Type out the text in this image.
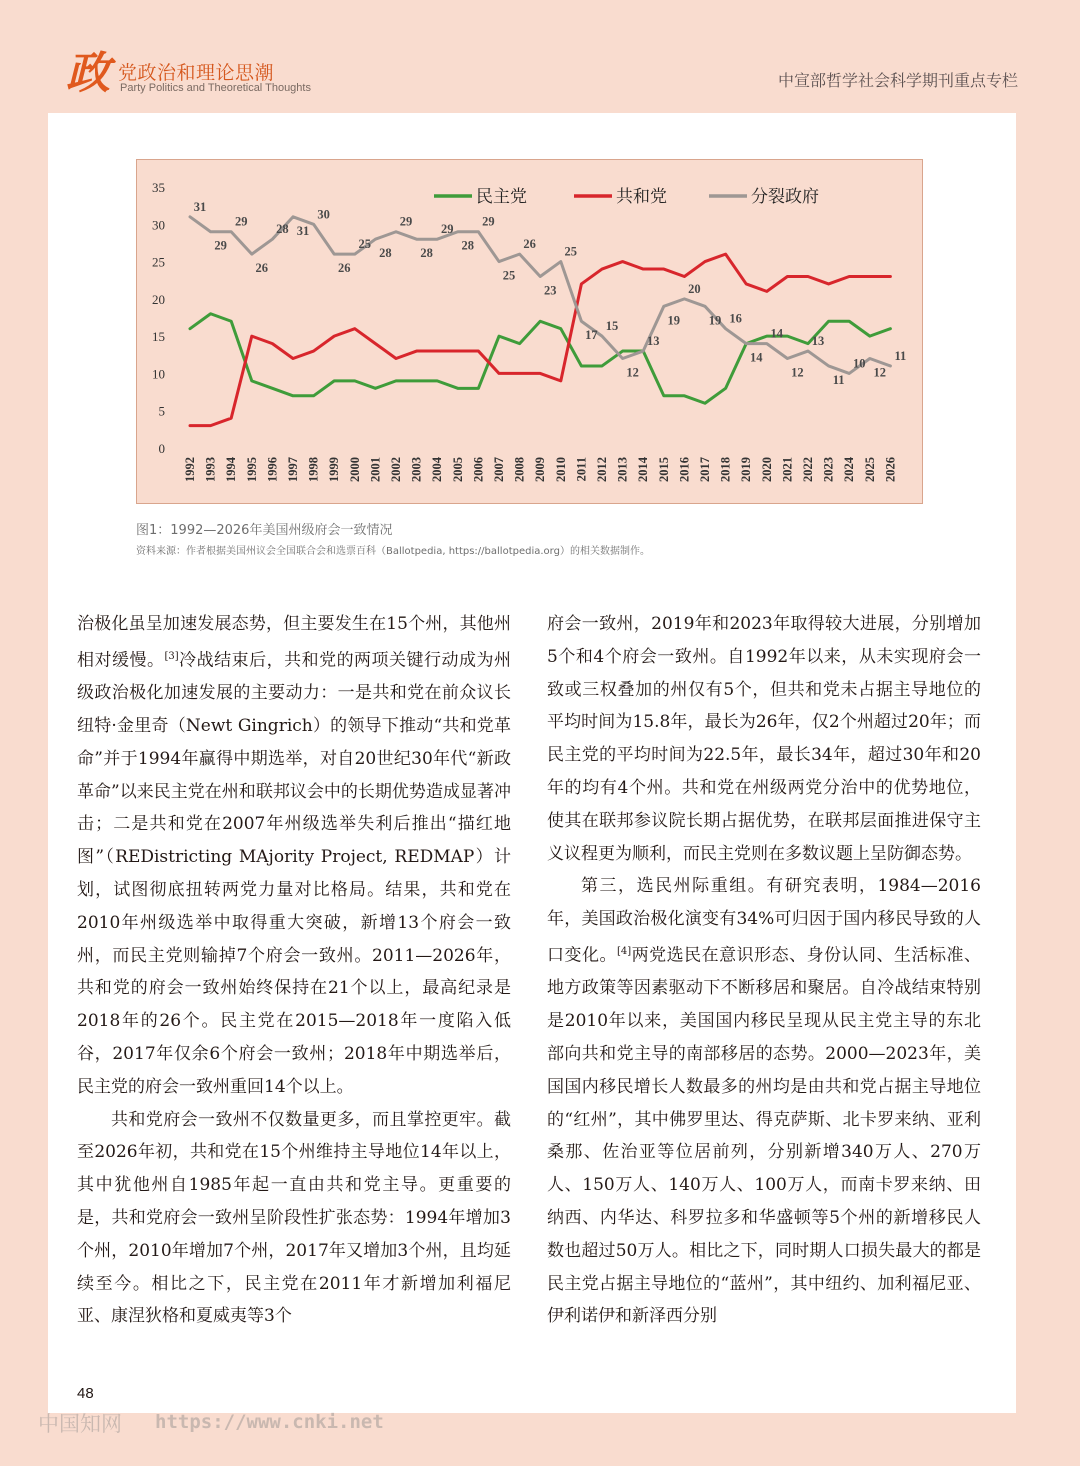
政 党政治和理论思潮
Party Politics and Theoretical Thoughts	中宣部哲学社会科学期刊重点专栏
0
5
10
15
20
25
30
35
1992 1993 1994 1995 1996 1997 1998 1999 2000 2001 2002 2003 2004 2005 2006 2007 2008 2009 2010 2011 2012 2013 2014 2015 2016 2017 2018 2019 2020 2021 2022 2023 2024 2025 2026
民主党	共和党	分裂政府
31
29
29
26
28 31
30
26
25
28
29
28
29
28
29
25
26
23
25
17
15
12
13
19
20
19 16
14
14
12
13
11
10
12
11
图1：1992—2026年美国州级府会一致情况
资料来源：作者根据美国州议会全国联合会和选票百科（Ballotpedia, https://ballotpedia.org）的相关数据制作。

治极化虽呈加速发展态势，但主要发生在15个州，其他州相对缓慢。[3]冷战结束后，共和党的两项关键行动成为州级政治极化加速发展的主要动力：一是共和党在前众议长纽特·金里奇（Newt Gingrich）的领导下推动“共和党革命”并于1994年赢得中期选举，对自20世纪30年代“新政革命”以来民主党在州和联邦议会中的长期优势造成显著冲击；二是共和党在2007年州级选举失利后推出“描红地图”（REDistricting MAjority Project, REDMAP）计划，试图彻底扭转两党力量对比格局。结果，共和党在2010年州级选举中取得重大突破，新增13个府会一致州，而民主党则输掉7个府会一致州。2011—2026年，共和党的府会一致州始终保持在21个以上，最高纪录是2018年的26个。民主党在2015—2018年一度陷入低谷，2017年仅余6个府会一致州；2018年中期选举后，民主党的府会一致州重回14个以上。

共和党府会一致州不仅数量更多，而且掌控更牢。截至2026年初，共和党在15个州维持主导地位14年以上，其中犹他州自1985年起一直由共和党主导。更重要的是，共和党府会一致州呈阶段性扩张态势：1994年增加3个州，2010年增加7个州，2017年又增加3个州，且均延续至今。相比之下，民主党在2011年才新增加利福尼亚、康涅狄格和夏威夷等3个

府会一致州，2019年和2023年取得较大进展，分别增加5个和4个府会一致州。自1992年以来，从未实现府会一致或三权叠加的州仅有5个，但共和党未占据主导地位的平均时间为15.8年，最长为26年，仅2个州超过20年；而民主党的平均时间为22.5年，最长34年，超过30年和20年的均有4个州。共和党在州级两党分治中的优势地位，使其在联邦参议院长期占据优势，在联邦层面推进保守主义议程更为顺利，而民主党则在多数议题上呈防御态势。

第三，选民州际重组。有研究表明，1984—2016年，美国政治极化演变有34%可归因于国内移民导致的人口变化。[4]两党选民在意识形态、身份认同、生活标准、地方政策等因素驱动下不断移居和聚居。自冷战结束特别是2010年以来，美国国内移民呈现从民主党主导的东北部向共和党主导的南部移居的态势。2000—2023年，美国国内移民增长人数最多的州均是由共和党占据主导地位的“红州”，其中佛罗里达、得克萨斯、北卡罗来纳、亚利桑那、佐治亚等位居前列，分别新增340万人、270万人、150万人、140万人、100万人，而南卡罗来纳、田纳西、内华达、科罗拉多和华盛顿等5个州的新增移民人数也超过50万人。相比之下，同时期人口损失最大的都是民主党占据主导地位的“蓝州”，其中纽约、加利福尼亚、伊利诺伊和新泽西分别

48
中国知网 https://www.cnki.net
